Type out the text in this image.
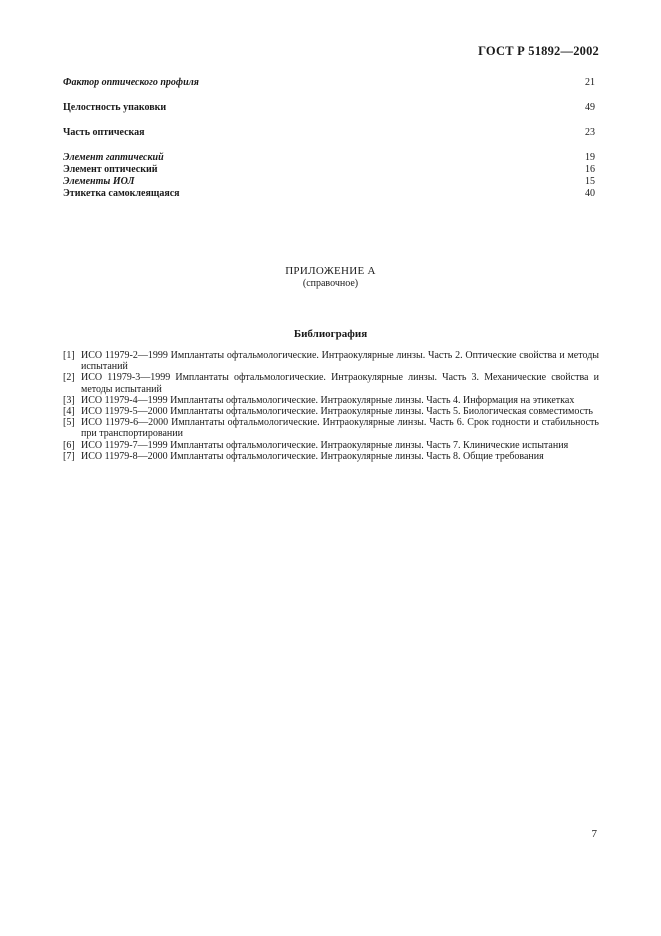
ГОСТ Р 51892—2002
Фактор оптического профиля	21
Целостность упаковки	49
Часть оптическая	23
Элемент гаптический	19
Элемент оптический	16
Элементы ИОЛ	15
Этикетка самоклеящаяся	40
ПРИЛОЖЕНИЕ А
(справочное)
Библиография
[1] ИСО 11979-2—1999 Имплантаты офтальмологические. Интраокулярные линзы. Часть 2. Оптические свойства и методы испытаний
[2] ИСО 11979-3—1999 Имплантаты офтальмологические. Интраокулярные линзы. Часть 3. Механические свойства и методы испытаний
[3] ИСО 11979-4—1999 Имплантаты офтальмологические. Интраокулярные линзы. Часть 4. Информация на этикетках
[4] ИСО 11979-5—2000 Имплантаты офтальмологические. Интраокулярные линзы. Часть 5. Биологическая совместимость
[5] ИСО 11979-6—2000 Имплантаты офтальмологические. Интраокулярные линзы. Часть 6. Срок годности и стабильность при транспортировании
[6] ИСО 11979-7—1999 Имплантаты офтальмологические. Интраокулярные линзы. Часть 7. Клинические испытания
[7] ИСО 11979-8—2000 Имплантаты офтальмологические. Интраокулярные линзы. Часть 8. Общие требования
7
